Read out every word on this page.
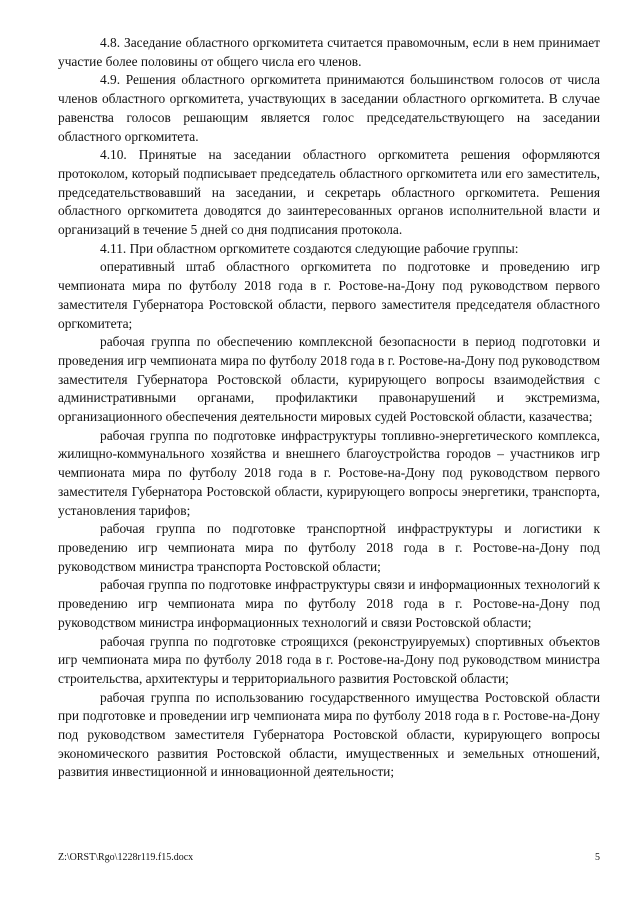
4.8. Заседание областного оргкомитета считается правомочным, если в нем принимает участие более половины от общего числа его членов.

4.9. Решения областного оргкомитета принимаются большинством голосов от числа членов областного оргкомитета, участвующих в заседании областного оргкомитета. В случае равенства голосов решающим является голос председательствующего на заседании областного оргкомитета.

4.10. Принятые на заседании областного оргкомитета решения оформляются протоколом, который подписывает председатель областного оргкомитета или его заместитель, председательствовавший на заседании, и секретарь областного оргкомитета. Решения областного оргкомитета доводятся до заинтересованных органов исполнительной власти и организаций в течение 5 дней со дня подписания протокола.

4.11. При областном оргкомитете создаются следующие рабочие группы:

оперативный штаб областного оргкомитета по подготовке и проведению игр чемпионата мира по футболу 2018 года в г. Ростове-на-Дону под руководством первого заместителя Губернатора Ростовской области, первого заместителя председателя областного оргкомитета;

рабочая группа по обеспечению комплексной безопасности в период подготовки и проведения игр чемпионата мира по футболу 2018 года в г. Ростове-на-Дону под руководством заместителя Губернатора Ростовской области, курирующего вопросы взаимодействия с административными органами, профилактики правонарушений и экстремизма, организационного обеспечения деятельности мировых судей Ростовской области, казачества;

рабочая группа по подготовке инфраструктуры топливно-энергетического комплекса, жилищно-коммунального хозяйства и внешнего благоустройства городов – участников игр чемпионата мира по футболу 2018 года в г. Ростове-на-Дону под руководством первого заместителя Губернатора Ростовской области, курирующего вопросы энергетики, транспорта, установления тарифов;

рабочая группа по подготовке транспортной инфраструктуры и логистики к проведению игр чемпионата мира по футболу 2018 года в г. Ростове-на-Дону под руководством министра транспорта Ростовской области;

рабочая группа по подготовке инфраструктуры связи и информационных технологий к проведению игр чемпионата мира по футболу 2018 года в г. Ростове-на-Дону под руководством министра информационных технологий и связи Ростовской области;

рабочая группа по подготовке строящихся (реконструируемых) спортивных объектов игр чемпионата мира по футболу 2018 года в г. Ростове-на-Дону под руководством министра строительства, архитектуры и территориального развития Ростовской области;

рабочая группа по использованию государственного имущества Ростовской области при подготовке и проведении игр чемпионата мира по футболу 2018 года в г. Ростове-на-Дону под руководством заместителя Губернатора Ростовской области, курирующего вопросы экономического развития Ростовской области, имущественных и земельных отношений, развития инвестиционной и инновационной деятельности;

Z:\ORST\Rgo\1228r119.f15.docx	5
